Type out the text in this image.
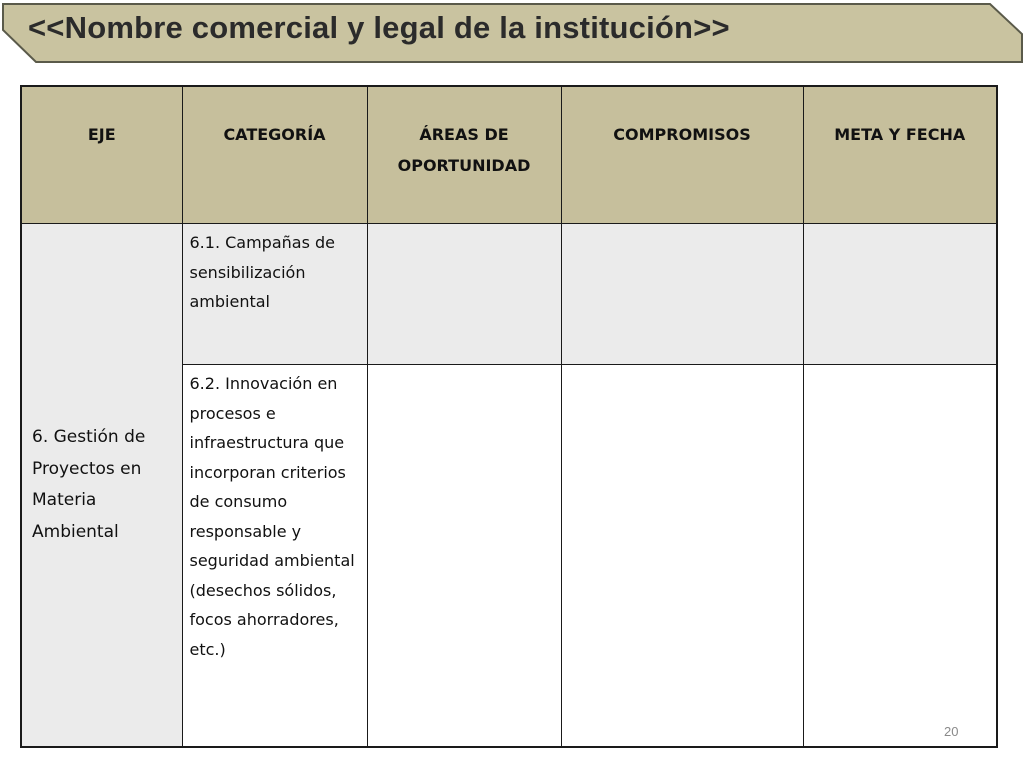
<<Nombre comercial y legal de la institución>>
EJE	CATEGORÍA	ÁREAS DE OPORTUNIDAD	COMPROMISOS	META Y FECHA
6. Gestión de Proyectos en Materia Ambiental	6.1. Campañas de sensibilización ambiental			
	6.2. Innovación en procesos e infraestructura que incorporan criterios de consumo responsable y seguridad ambiental (desechos sólidos, focos ahorradores, etc.)			
20
